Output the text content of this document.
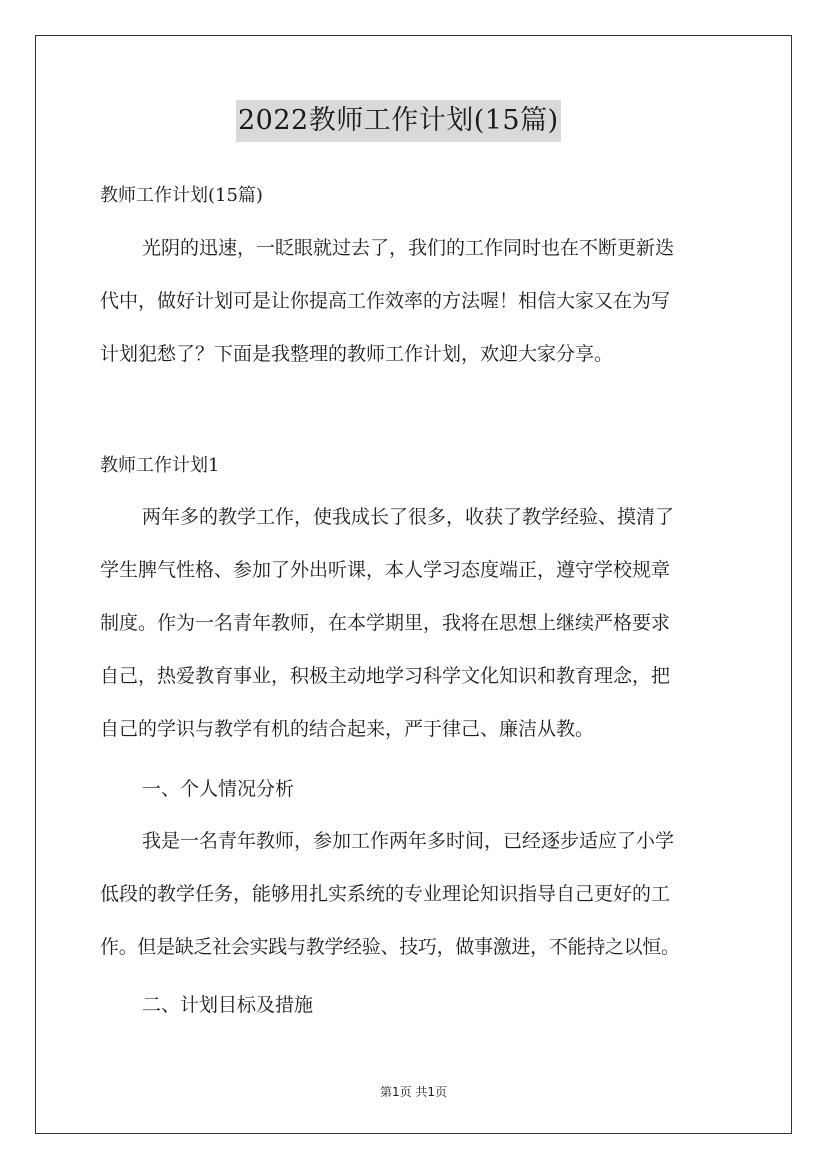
2022教师工作计划(15篇)
教师工作计划(15篇)
光阴的迅速，一眨眼就过去了，我们的工作同时也在不断更新迭
代中，做好计划可是让你提高工作效率的方法喔！相信大家又在为写
计划犯愁了？下面是我整理的教师工作计划，欢迎大家分享。
教师工作计划1
两年多的教学工作，使我成长了很多，收获了教学经验、摸清了
学生脾气性格、参加了外出听课，本人学习态度端正，遵守学校规章
制度。作为一名青年教师，在本学期里，我将在思想上继续严格要求
自己，热爱教育事业，积极主动地学习科学文化知识和教育理念，把
自己的学识与教学有机的结合起来，严于律己、廉洁从教。
一、个人情况分析
我是一名青年教师，参加工作两年多时间，已经逐步适应了小学
低段的教学任务，能够用扎实系统的专业理论知识指导自己更好的工
作。但是缺乏社会实践与教学经验、技巧，做事激进，不能持之以恒。
二、计划目标及措施
第1页 共1页
